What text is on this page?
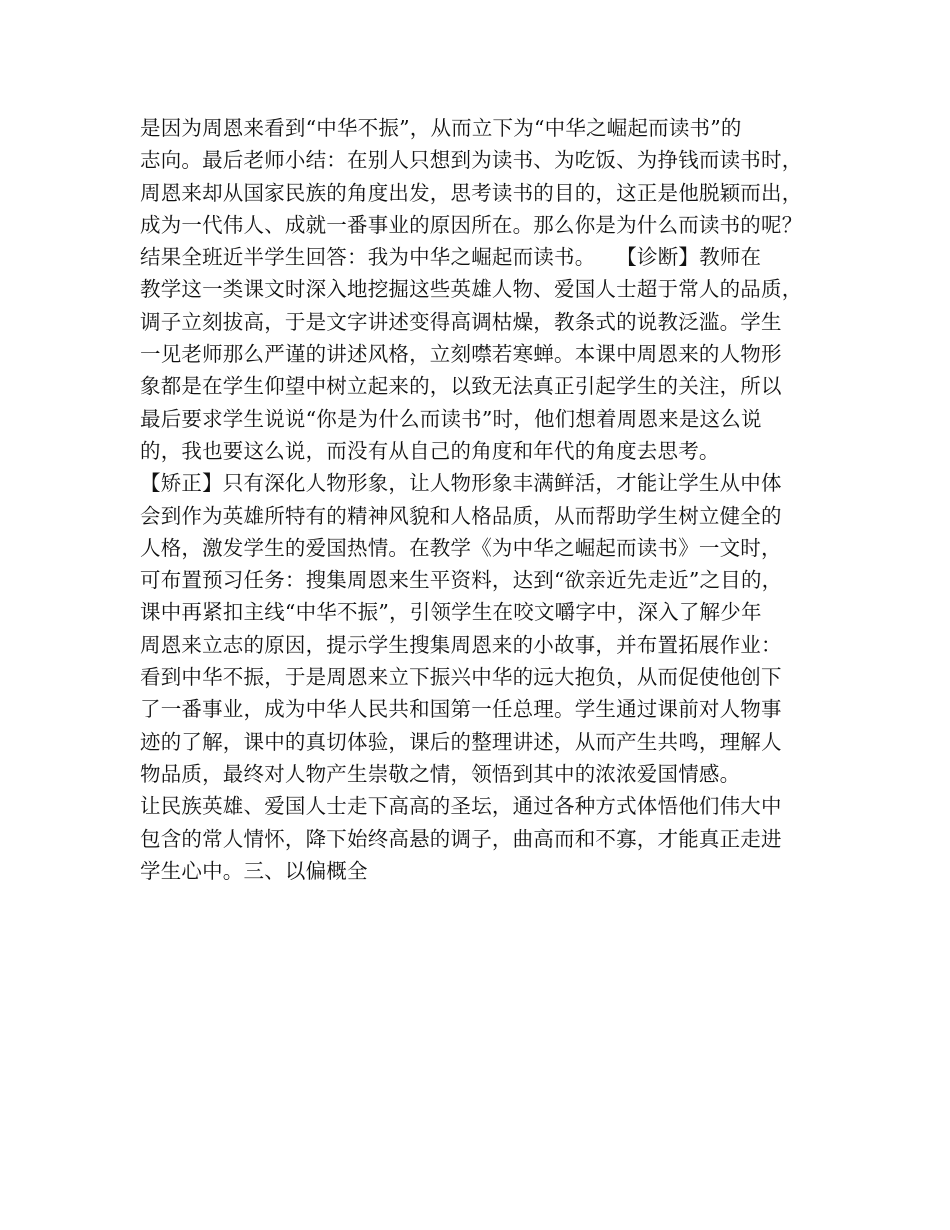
是因为周恩来看到“中华不振”，从而立下为“中华之崛起而读书”的
志向。最后老师小结：在别人只想到为读书、为吃饭、为挣钱而读书时，
周恩来却从国家民族的角度出发，思考读书的目的，这正是他脱颖而出，
成为一代伟人、成就一番事业的原因所在。那么你是为什么而读书的呢？
结果全班近半学生回答：我为中华之崛起而读书。　　【诊断】教师在
教学这一类课文时深入地挖掘这些英雄人物、爱国人士超于常人的品质，
调子立刻拔高，于是文字讲述变得高调枯燥，教条式的说教泛滥。学生
一见老师那么严谨的讲述风格，立刻噤若寒蝉。本课中周恩来的人物形
象都是在学生仰望中树立起来的，以致无法真正引起学生的关注，所以
最后要求学生说说“你是为什么而读书”时，他们想着周恩来是这么说
的，我也要这么说，而没有从自己的角度和年代的角度去思考。
【矫正】只有深化人物形象，让人物形象丰满鲜活，才能让学生从中体
会到作为英雄所特有的精神风貌和人格品质，从而帮助学生树立健全的
人格，激发学生的爱国热情。在教学《为中华之崛起而读书》一文时，
可布置预习任务：搜集周恩来生平资料，达到“欲亲近先走近”之目的，
课中再紧扣主线“中华不振”，引领学生在咬文嚼字中，深入了解少年
周恩来立志的原因，提示学生搜集周恩来的小故事，并布置拓展作业：
看到中华不振，于是周恩来立下振兴中华的远大抱负，从而促使他创下
了一番事业，成为中华人民共和国第一任总理。学生通过课前对人物事
迹的了解，课中的真切体验，课后的整理讲述，从而产生共鸣，理解人
物品质，最终对人物产生崇敬之情，领悟到其中的浓浓爱国情感。
让民族英雄、爱国人士走下高高的圣坛，通过各种方式体悟他们伟大中
包含的常人情怀，降下始终高悬的调子，曲高而和不寡，才能真正走进
学生心中。三、以偏概全
